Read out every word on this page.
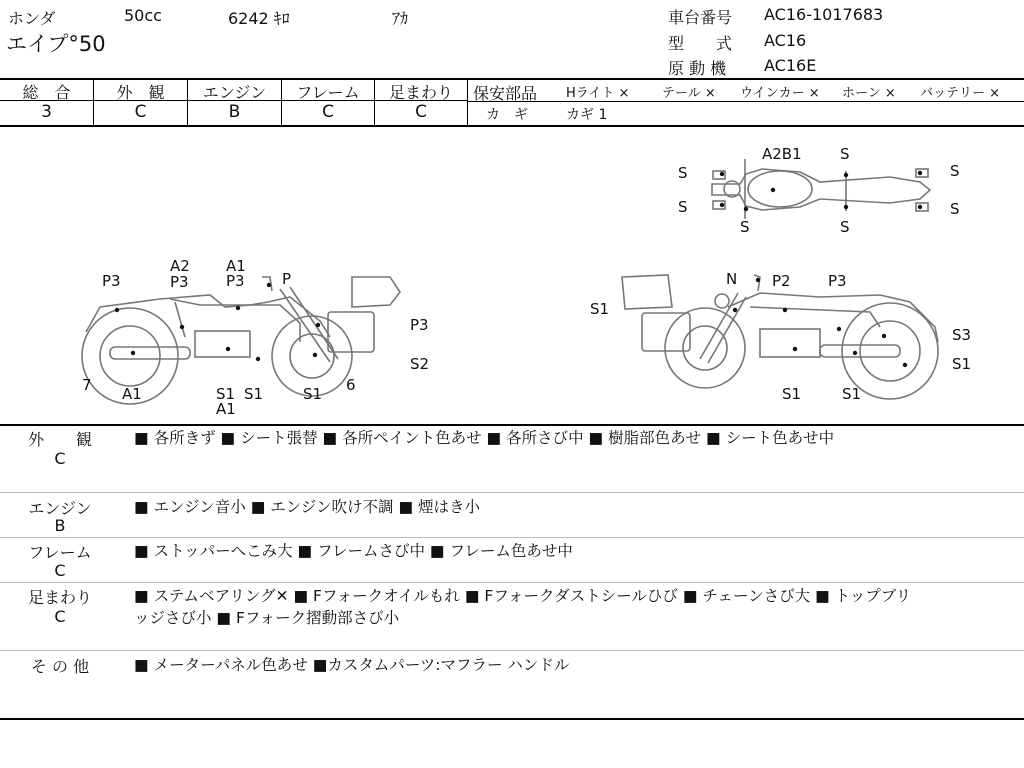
ホンダ	50cc	6242 ｷﾛ	ｱｶ
エイプ°50
車台番号 AC16-1017683
型　　式 AC16
原 動 機 AC16E
総　合	外　観	エンジン	フレーム	足まわり
3	C	B	C	C
保安部品 Hライト ×	テール × ウインカー × ホーン × バッテリー ×
カ　ギ	カギ 1
A2B1	S
S	S
S	S
S	S
P3
A2 A1
P3 P
P3
P3
S2
7 A1	S1 S1
A1
S1 6
N P2 P3
S1
S3
S1
S1	S1
外　　観
C
■ 各所きず ■ シート張替 ■ 各所ペイント色あせ ■ 各所さび中 ■ 樹脂部色あせ ■ シート色あせ中
エンジン
B
■ エンジン音小 ■ エンジン吹け不調 ■ 煙はき小
フレーム
C
■ ストッパーへこみ大 ■ フレームさび中 ■ フレーム色あせ中
足まわり
C
■ ステムベアリング✕ ■ Fフォークオイルもれ ■ Fフォークダストシールひび ■ チェーンさび大 ■ トップブリ
ッジさび小 ■ Fフォーク摺動部さび小
そ の 他	■ メーターパネル色あせ ■カスタムパーツ:マフラー ハンドル
